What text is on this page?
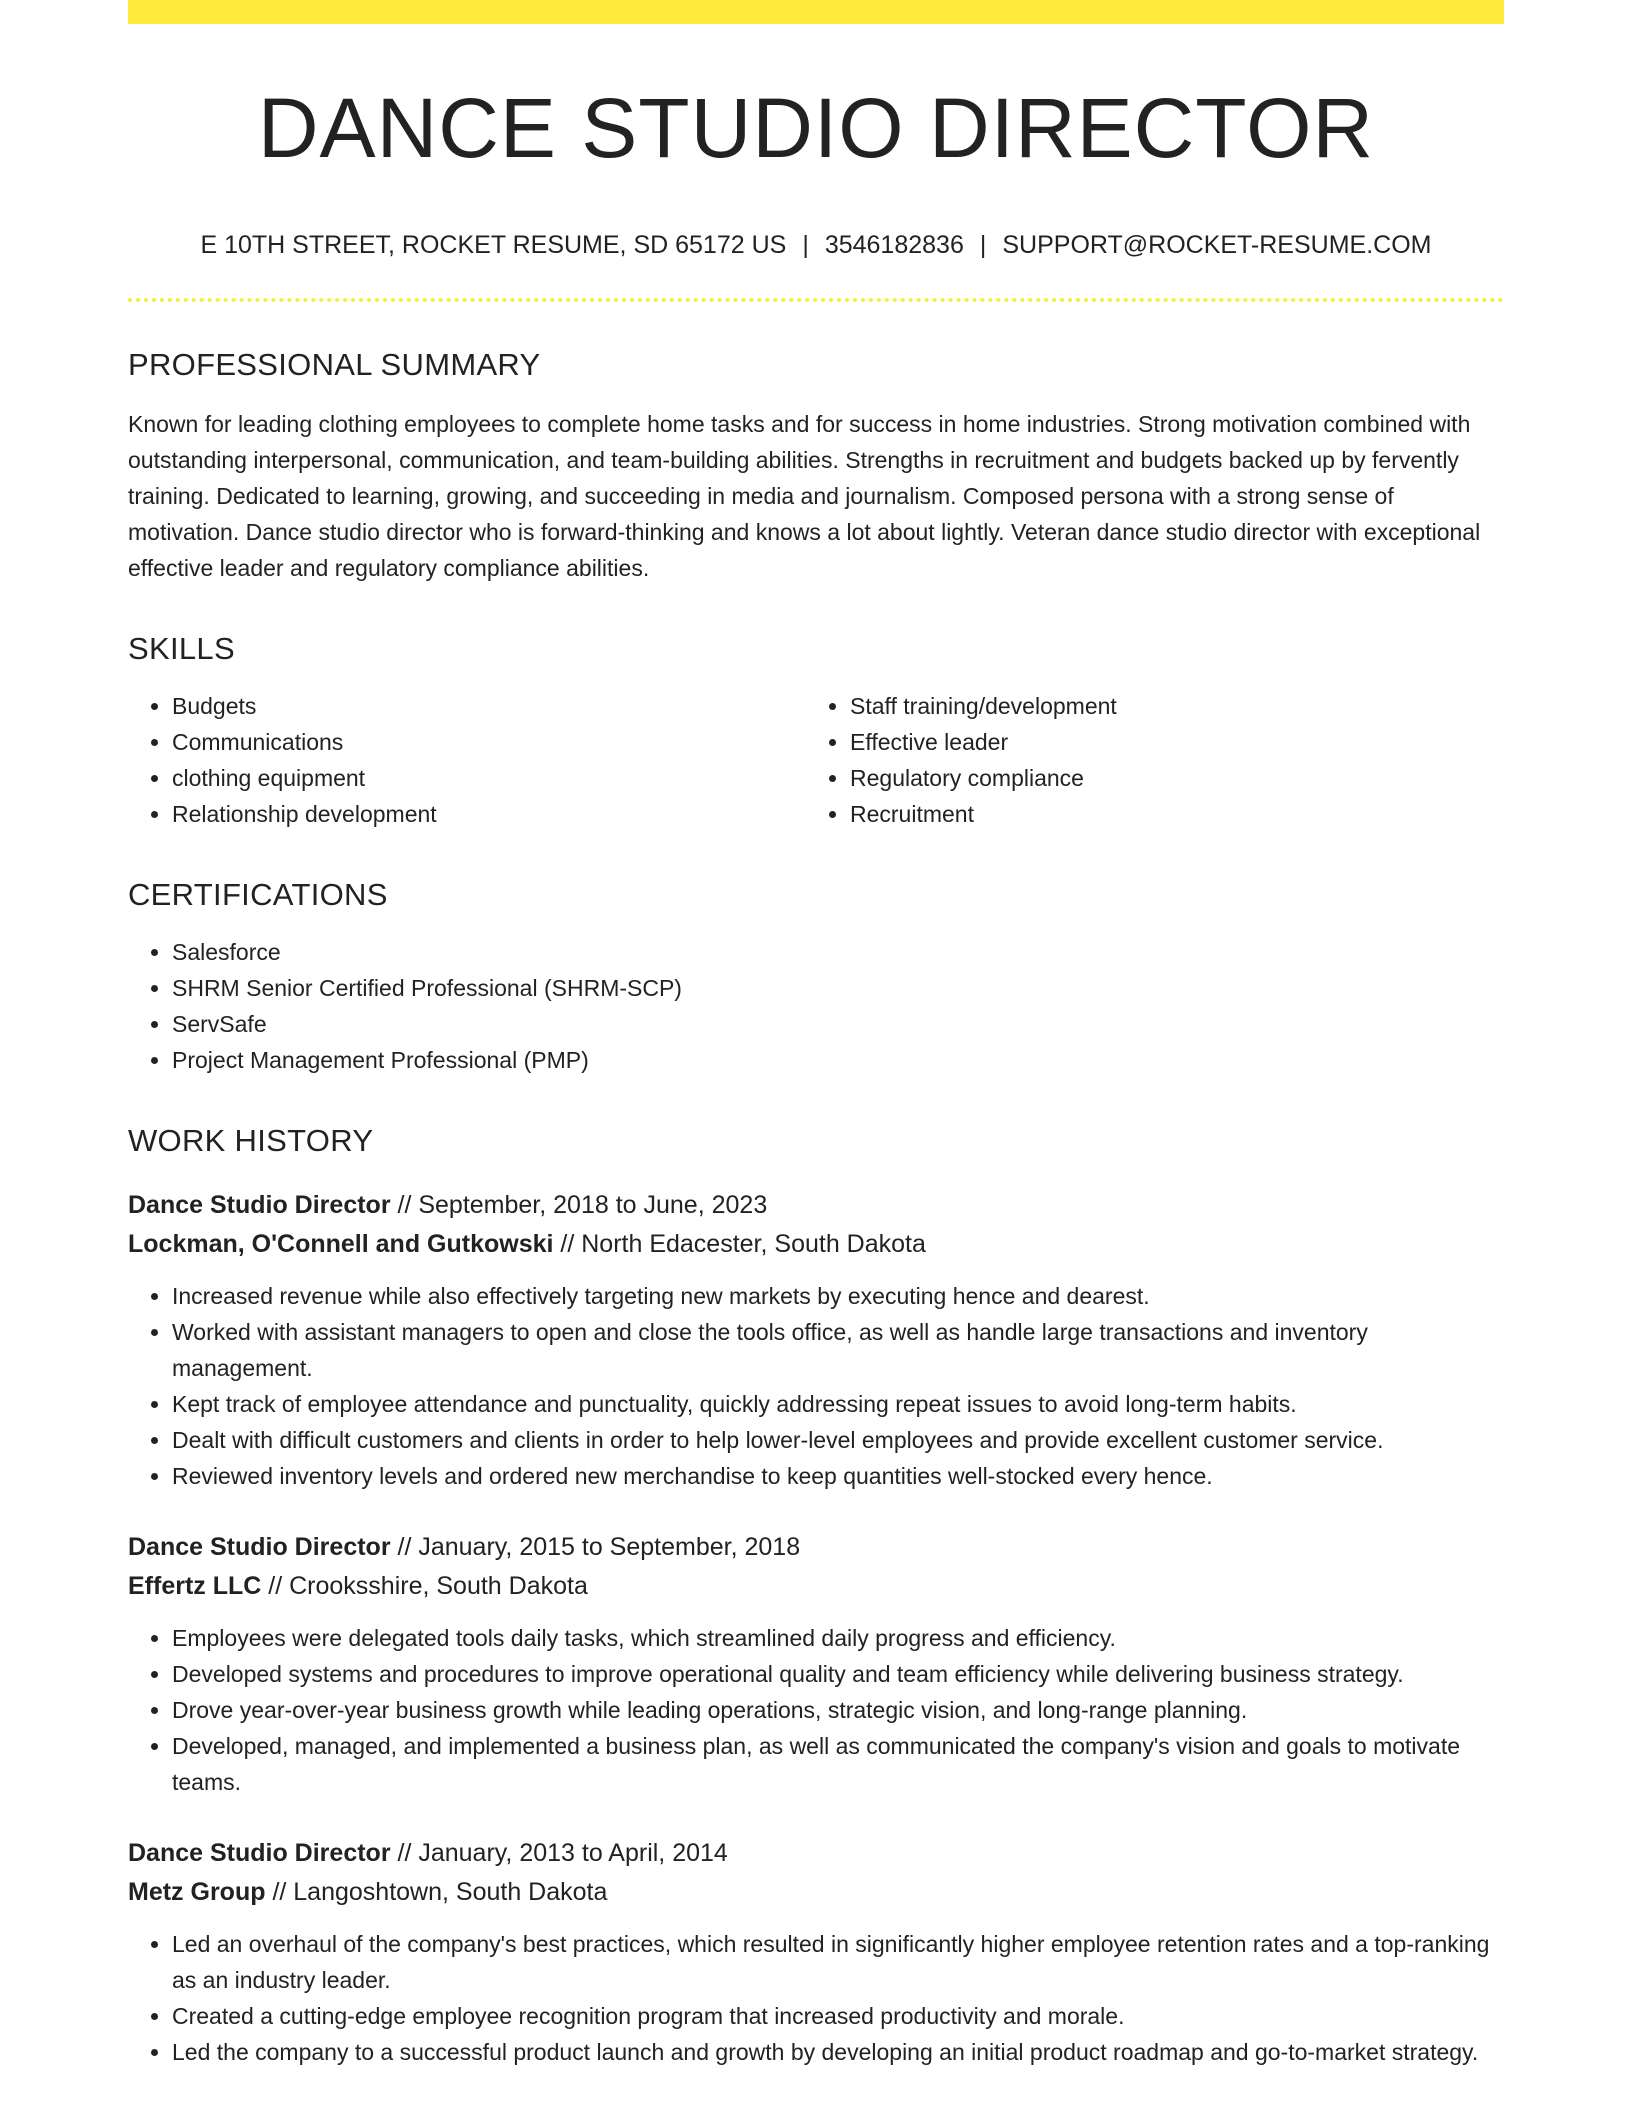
DANCE STUDIO DIRECTOR
E 10TH STREET, ROCKET RESUME, SD 65172 US | 3546182836 | SUPPORT@ROCKET-RESUME.COM
PROFESSIONAL SUMMARY

Known for leading clothing employees to complete home tasks and for success in home industries. Strong motivation combined with outstanding interpersonal, communication, and team-building abilities. Strengths in recruitment and budgets backed up by fervently training. Dedicated to learning, growing, and succeeding in media and journalism. Composed persona with a strong sense of motivation. Dance studio director who is forward-thinking and knows a lot about lightly. Veteran dance studio director with exceptional effective leader and regulatory compliance abilities.

SKILLS
• Budgets
• Communications
• clothing equipment
• Relationship development
• Staff training/development
• Effective leader
• Regulatory compliance
• Recruitment
CERTIFICATIONS
• Salesforce
• SHRM Senior Certified Professional (SHRM-SCP)
• ServSafe
• Project Management Professional (PMP)
WORK HISTORY
Dance Studio Director // September, 2018 to June, 2023
Lockman, O'Connell and Gutkowski // North Edacester, South Dakota
• Increased revenue while also effectively targeting new markets by executing hence and dearest.
• Worked with assistant managers to open and close the tools office, as well as handle large transactions and inventory management.
• Kept track of employee attendance and punctuality, quickly addressing repeat issues to avoid long-term habits.
• Dealt with difficult customers and clients in order to help lower-level employees and provide excellent customer service.
• Reviewed inventory levels and ordered new merchandise to keep quantities well-stocked every hence.
Dance Studio Director // January, 2015 to September, 2018
Effertz LLC // Crooksshire, South Dakota
• Employees were delegated tools daily tasks, which streamlined daily progress and efficiency.
• Developed systems and procedures to improve operational quality and team efficiency while delivering business strategy.
• Drove year-over-year business growth while leading operations, strategic vision, and long-range planning.
• Developed, managed, and implemented a business plan, as well as communicated the company's vision and goals to motivate teams.
Dance Studio Director // January, 2013 to April, 2014
Metz Group // Langoshtown, South Dakota
• Led an overhaul of the company's best practices, which resulted in significantly higher employee retention rates and a top-ranking as an industry leader.
• Created a cutting-edge employee recognition program that increased productivity and morale.
• Led the company to a successful product launch and growth by developing an initial product roadmap and go-to-market strategy.
